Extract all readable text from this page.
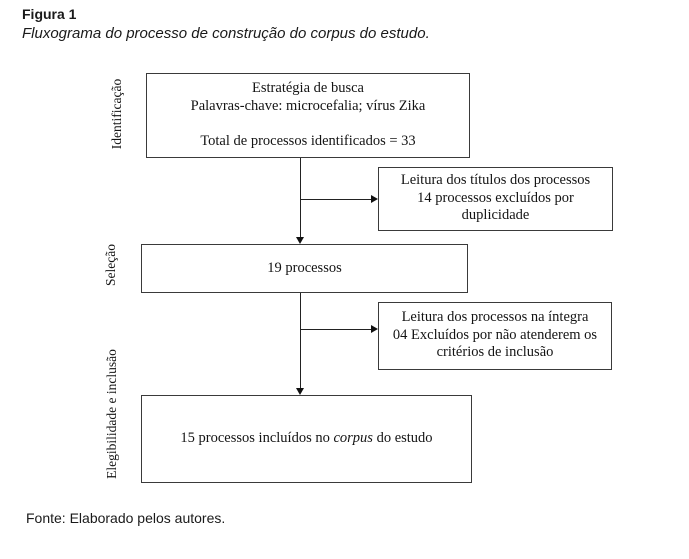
Figura 1
Fluxograma do processo de construção do corpus do estudo.
Identificação
Seleção
Elegibilidade e inclusão
Estratégia de busca
Palavras-chave: microcefalia; vírus Zika
Total de processos identificados = 33
Leitura dos títulos dos processos
14 processos excluídos por
duplicidade
19 processos
Leitura dos processos na íntegra
04 Excluídos por não atenderem os
critérios de inclusão
15 processos incluídos no corpus do estudo
Fonte: Elaborado pelos autores.
